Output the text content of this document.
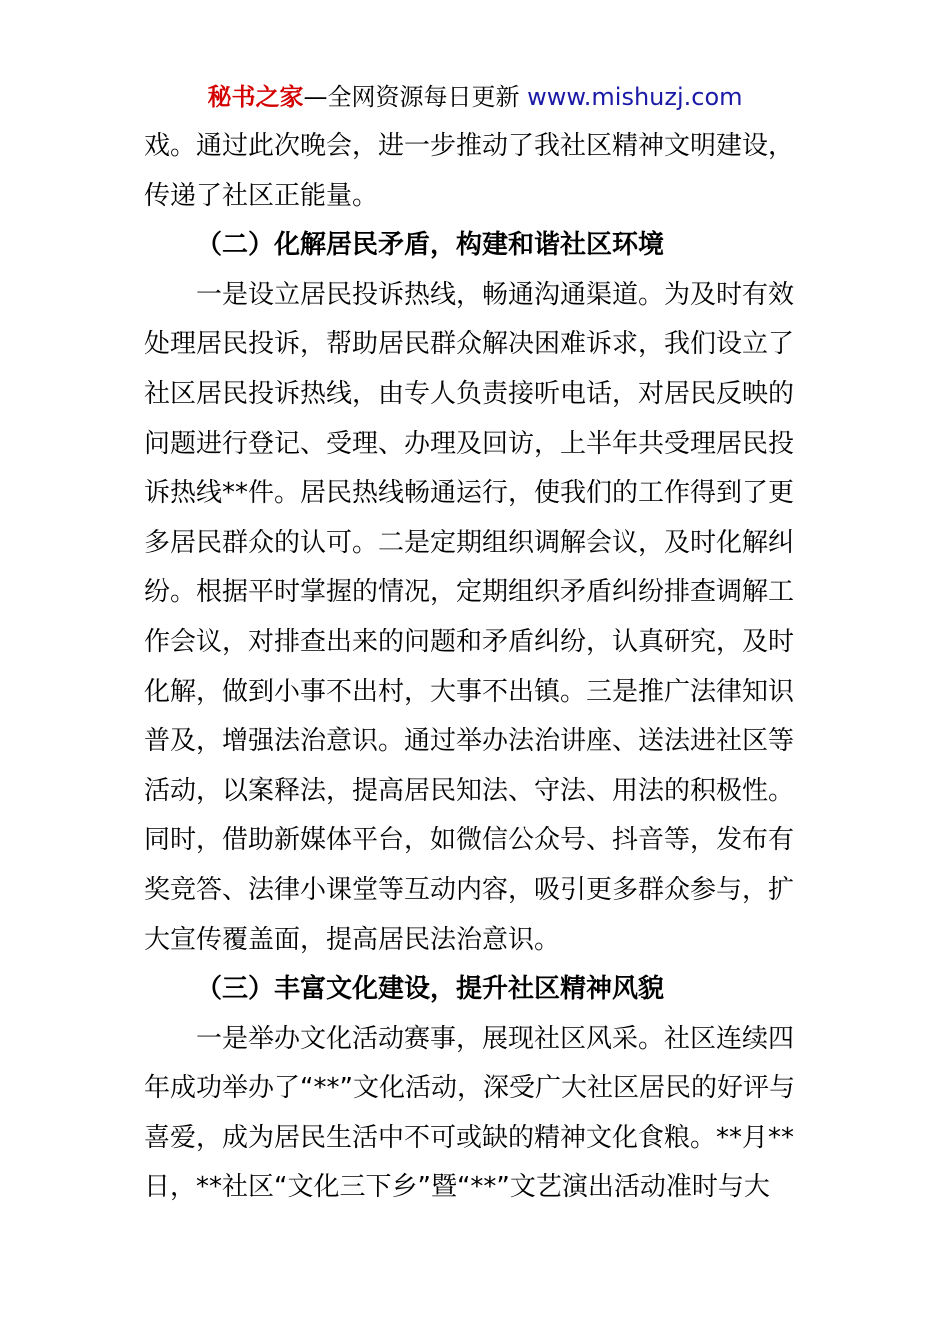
秘书之家—全网资源每日更新 www.mishuzj.com
戏。通过此次晚会，进一步推动了我社区精神文明建设，
传递了社区正能量。
（二）化解居民矛盾，构建和谐社区环境
一是设立居民投诉热线，畅通沟通渠道。为及时有效
处理居民投诉，帮助居民群众解决困难诉求，我们设立了
社区居民投诉热线，由专人负责接听电话，对居民反映的
问题进行登记、受理、办理及回访，上半年共受理居民投
诉热线**件。居民热线畅通运行，使我们的工作得到了更
多居民群众的认可。二是定期组织调解会议，及时化解纠
纷。根据平时掌握的情况，定期组织矛盾纠纷排查调解工
作会议，对排查出来的问题和矛盾纠纷，认真研究，及时
化解，做到小事不出村，大事不出镇。三是推广法律知识
普及，增强法治意识。通过举办法治讲座、送法进社区等
活动，以案释法，提高居民知法、守法、用法的积极性。
同时，借助新媒体平台，如微信公众号、抖音等，发布有
奖竞答、法律小课堂等互动内容，吸引更多群众参与，扩
大宣传覆盖面，提高居民法治意识。
（三）丰富文化建设，提升社区精神风貌
一是举办文化活动赛事，展现社区风采。社区连续四
年成功举办了“**”文化活动，深受广大社区居民的好评与
喜爱，成为居民生活中不可或缺的精神文化食粮。**月**
日，**社区“文化三下乡”暨“**”文艺演出活动准时与大
